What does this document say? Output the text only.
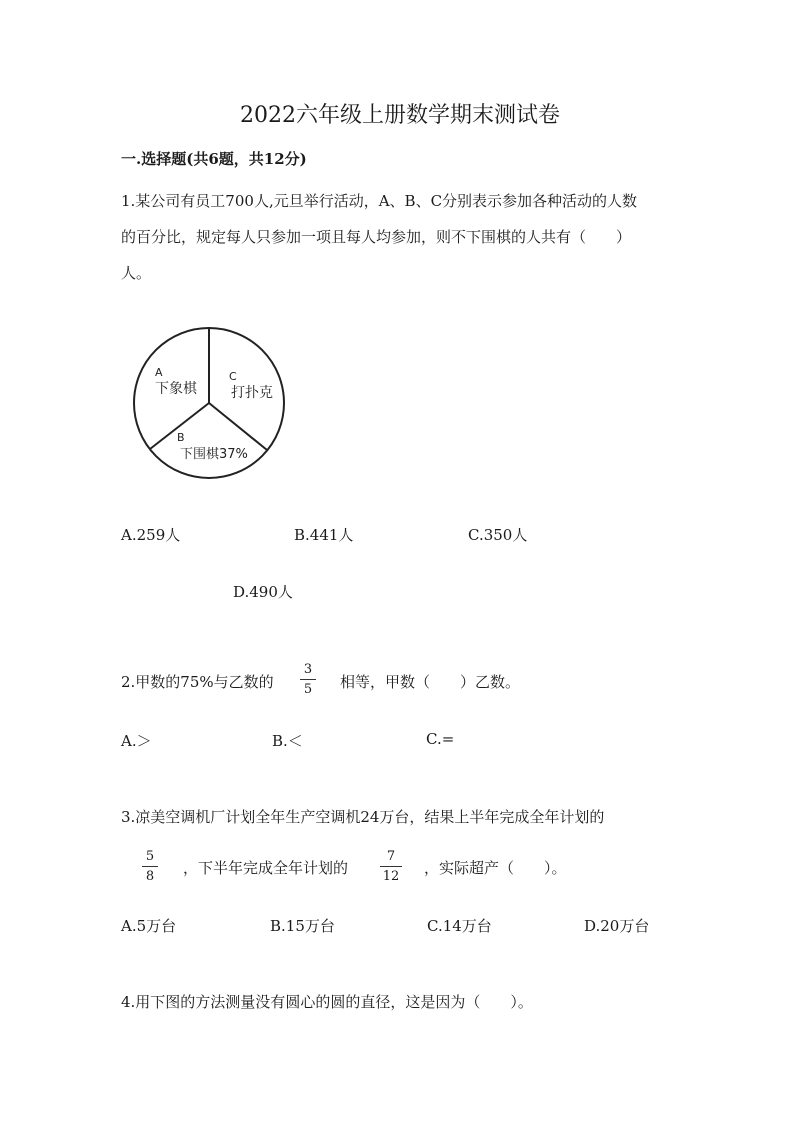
2022六年级上册数学期末测试卷
一.选择题(共6题，共12分)
1.某公司有员工700人,元旦举行活动，A、B、C分别表示参加各种活动的人数
的百分比，规定每人只参加一项且每人均参加，则不下围棋的人共有（　　）
人。
A
下象棋
C
打扑克
B
下围棋37%
A.259人	B.441人	C.350人
D.490人
2.甲数的75%与乙数的
3
5 相等，甲数（　　）乙数。
A.＞	B.＜	C.=
3.凉美空调机厂计划全年生产空调机24万台，结果上半年完成全年计划的
5
8 ，下半年完成全年计划的
7
12 ，实际超产（　　）。
A.5万台	B.15万台	C.14万台	D.20万台
4.用下图的方法测量没有圆心的圆的直径，这是因为（　　）。
